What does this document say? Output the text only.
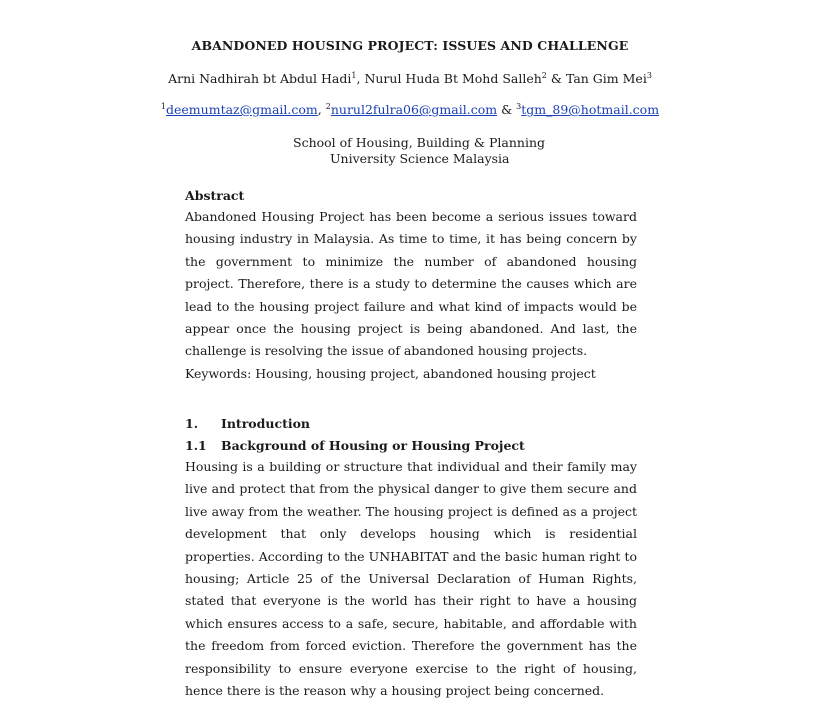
ABANDONED HOUSING PROJECT: ISSUES AND CHALLENGE
Arni Nadhirah bt Abdul Hadi$^1$, Nurul Huda Bt Mohd Salleh$^2$ & Tan Gim Mei$^3$
$^1$deemumtaz@gmail.com, $^2$nurul2fulra06@gmail.com & $^3$tgm_89@hotmail.com
School of Housing, Building & Planning
University Science Malaysia
Abstract
Abandoned Housing Project has been become a serious issues toward housing industry in Malaysia. As time to time, it has being concern by the government to minimize the number of abandoned housing project. Therefore, there is a study to determine the causes which are lead to the housing project failure and what kind of impacts would be appear once the housing project is being abandoned. And last, the challenge is resolving the issue of abandoned housing projects.
Keywords: Housing, housing project, abandoned housing project
1. Introduction
1.1 Background of Housing or Housing Project
Housing is a building or structure that individual and their family may live and protect that from the physical danger to give them secure and live away from the weather. The housing project is defined as a project development that only develops housing which is residential properties. According to the UNHABITAT and the basic human right to housing; Article 25 of the Universal Declaration of Human Rights, stated that everyone is the world has their right to have a housing which ensures access to a safe, secure, habitable, and affordable with the freedom from forced eviction. Therefore the government has the responsibility to ensure everyone exercise to the right of housing, hence there is the reason why a housing project being concerned.
